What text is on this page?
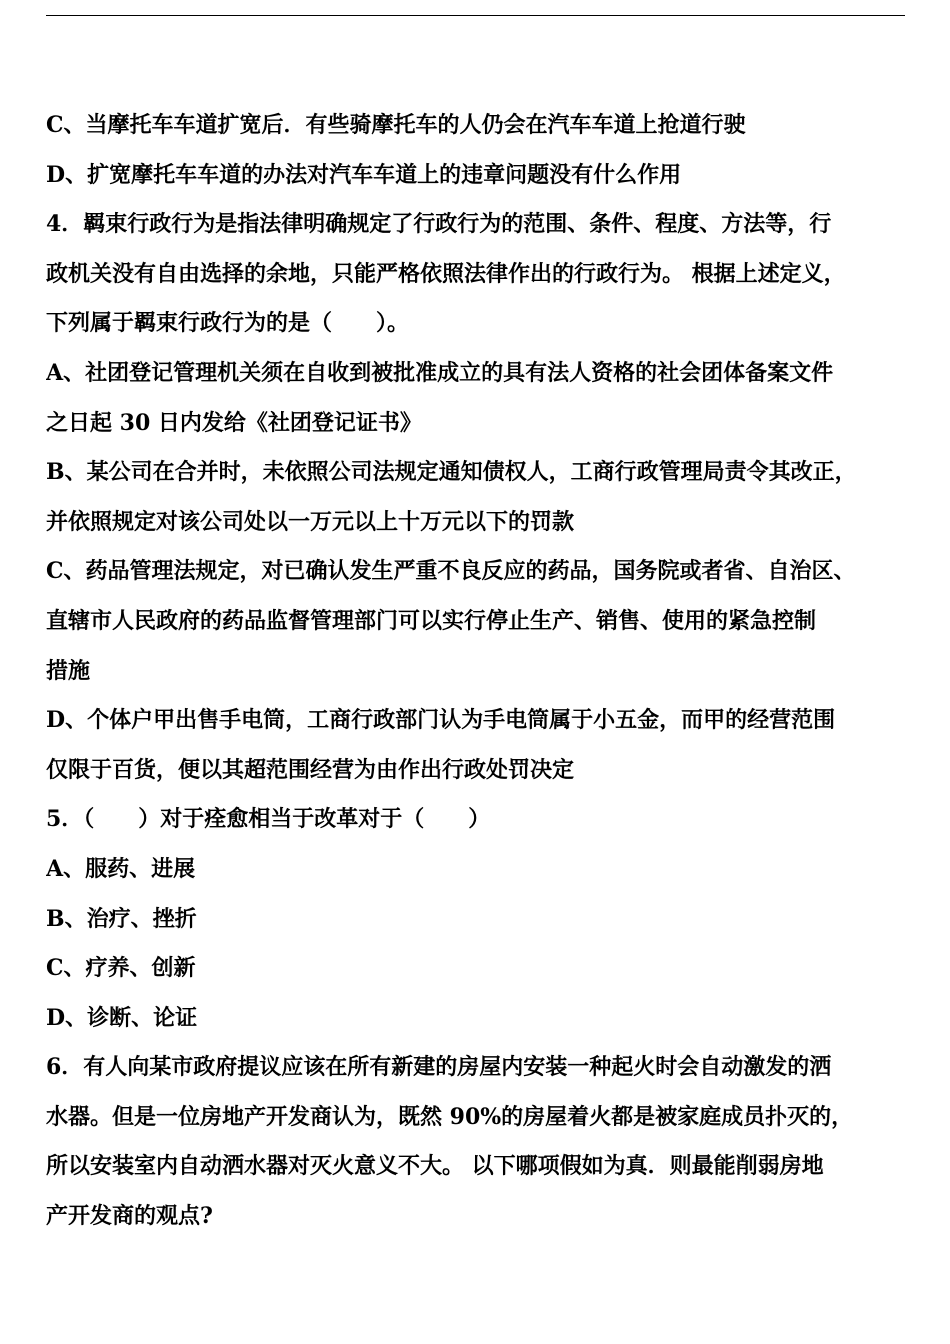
C、当摩托车车道扩宽后．有些骑摩托车的人仍会在汽车车道上抢道行驶
D、扩宽摩托车车道的办法对汽车车道上的违章问题没有什么作用
4．羁束行政行为是指法律明确规定了行政行为的范围、条件、程度、方法等，行
政机关没有自由选择的余地，只能严格依照法律作出的行政行为。 根据上述定义，
下列属于羁束行政行为的是（　　）。
A、社团登记管理机关须在自收到被批准成立的具有法人资格的社会团体备案文件
之日起 30 日内发给《社团登记证书》
B、某公司在合并时，未依照公司法规定通知债权人，工商行政管理局责令其改正，
并依照规定对该公司处以一万元以上十万元以下的罚款
C、药品管理法规定，对已确认发生严重不良反应的药品，国务院或者省、自治区、
直辖市人民政府的药品监督管理部门可以实行停止生产、销售、使用的紧急控制
措施
D、个体户甲出售手电筒，工商行政部门认为手电筒属于小五金，而甲的经营范围
仅限于百货，便以其超范围经营为由作出行政处罚决定
5．（　　）对于痊愈相当于改革对于（　　）
A、服药、进展
B、治疗、挫折
C、疗养、创新
D、诊断、论证
6．有人向某市政府提议应该在所有新建的房屋内安装一种起火时会自动激发的洒
水器。但是一位房地产开发商认为，既然 90%的房屋着火都是被家庭成员扑灭的，
所以安装室内自动洒水器对灭火意义不大。 以下哪项假如为真．则最能削弱房地
产开发商的观点?
